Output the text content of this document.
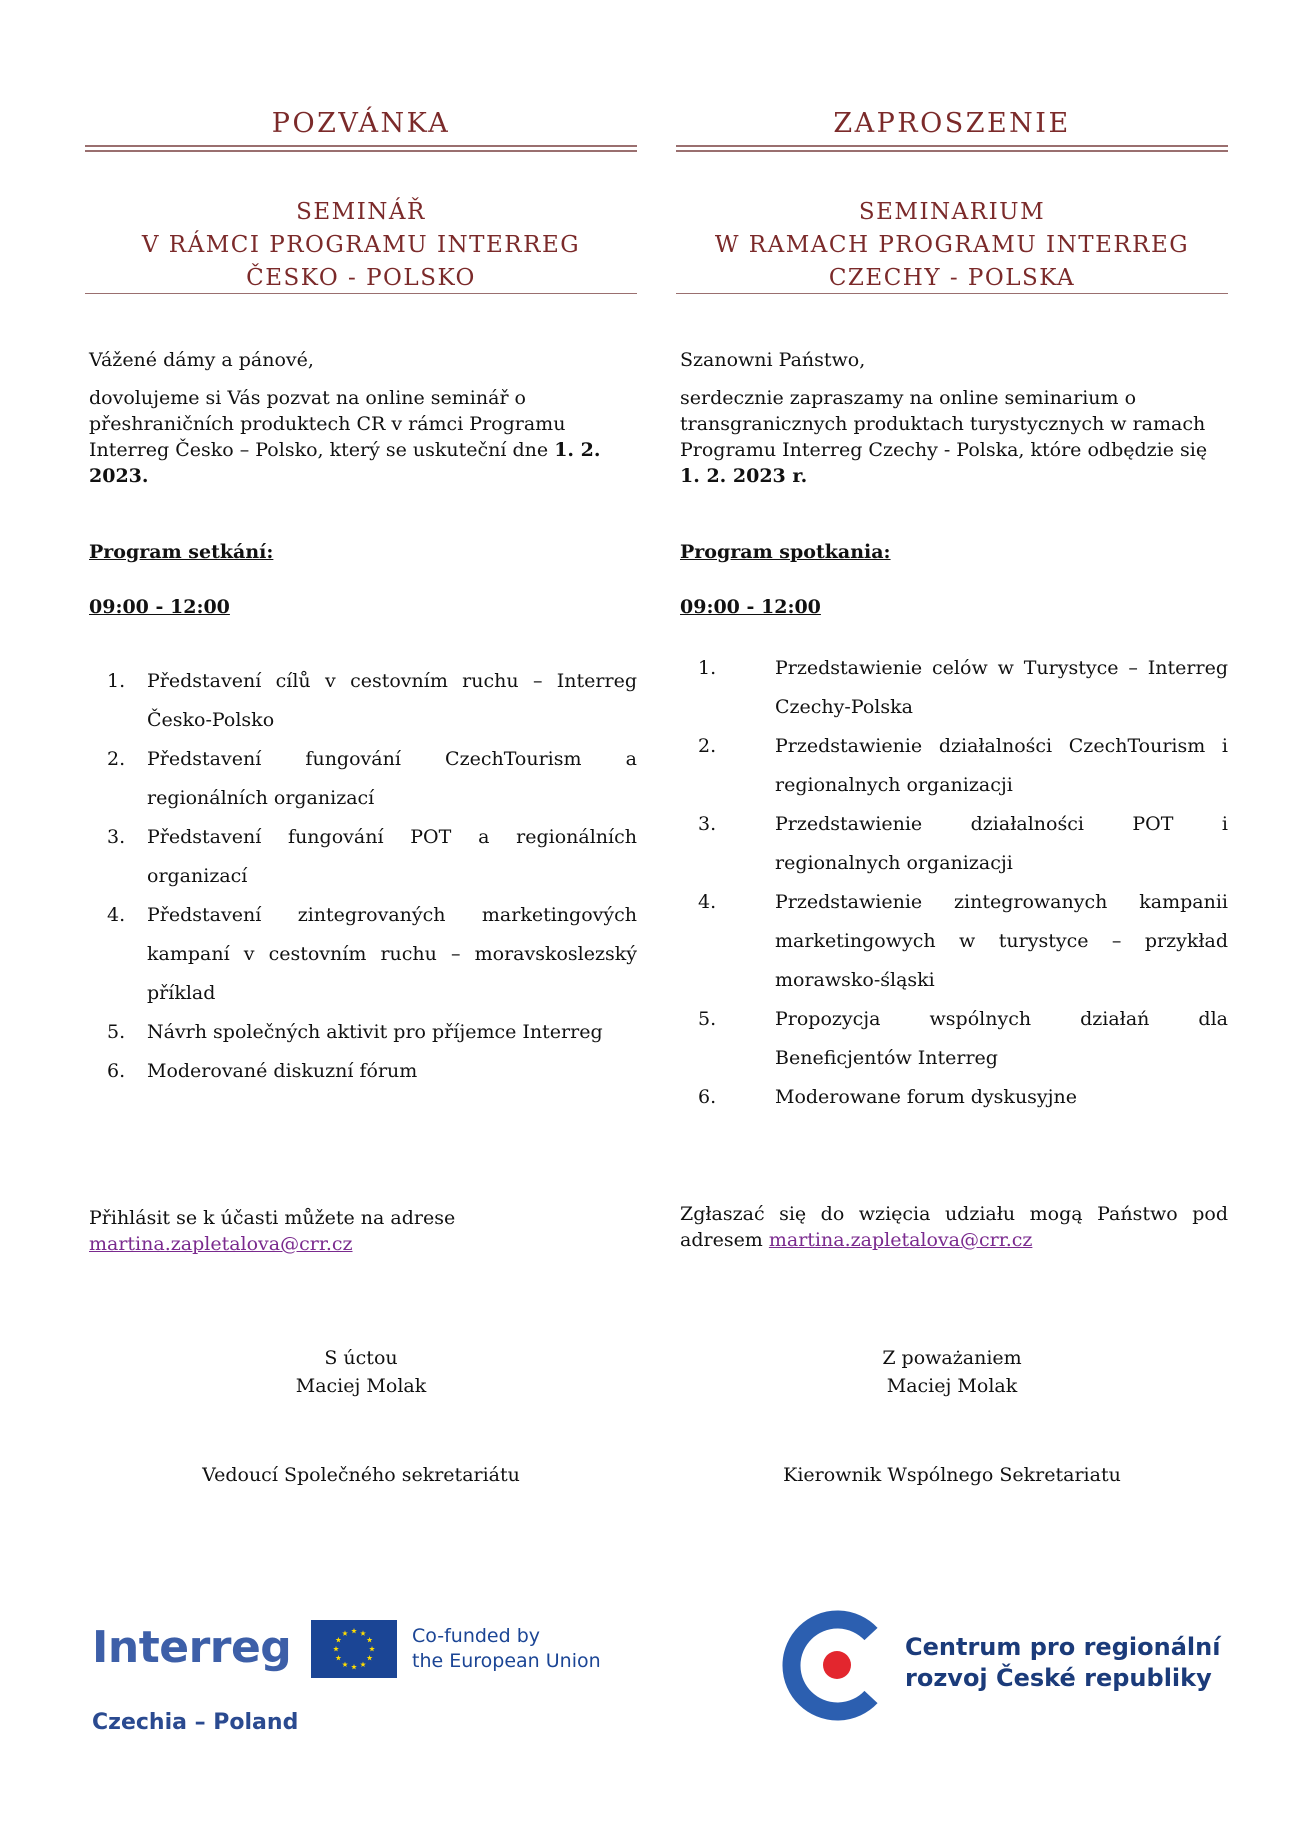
POZVÁNKA
SEMINÁŘ
V RÁMCI PROGRAMU INTERREG
ČESKO - POLSKO
Vážené dámy a pánové,
dovolujeme si Vás pozvat na online seminář o přeshraničních produktech CR v rámci Programu Interreg Česko – Polsko, který se uskuteční dne 1. 2. 2023.
Program setkání:
09:00 - 12:00
1. Představení cílů v cestovním ruchu – Interreg Česko-Polsko
2. Představení fungování CzechTourism a regionálních organizací
3. Představení fungování POT a regionálních organizací
4. Představení zintegrovaných marketingových kampaní v cestovním ruchu – moravskoslezský příklad
5. Návrh společných aktivit pro příjemce Interreg
6. Moderované diskuzní fórum
Přihlásit se k účasti můžete na adrese
martina.zapletalova@crr.cz
S úctou
Maciej Molak
Vedoucí Společného sekretariátu
ZAPROSZENIE
SEMINARIUM
W RAMACH PROGRAMU INTERREG
CZECHY - POLSKA
Szanowni Państwo,
serdecznie zapraszamy na online seminarium o transgranicznych produktach turystycznych w ramach Programu Interreg Czechy - Polska, które odbędzie się 1. 2. 2023 r.
Program spotkania:
09:00 - 12:00
1.	Przedstawienie celów w Turystyce – Interreg Czechy-Polska
2.	Przedstawienie działalności CzechTourism i regionalnych organizacji
3.	Przedstawienie działalności POT i regionalnych organizacji
4.	Przedstawienie zintegrowanych kampanii marketingowych w turystyce – przykład morawsko-śląski
5.	Propozycja wspólnych działań dla Beneficjentów Interreg
6.	Moderowane forum dyskusyjne
Zgłaszać się do wzięcia udziału mogą Państwo pod adresem martina.zapletalova@crr.cz
Z poważaniem
Maciej Molak
Kierownik Wspólnego Sekretariatu
Interreg
Czechia – Poland
Co-funded by
the European Union	Centrum pro regionální
rozvoj České republiky
